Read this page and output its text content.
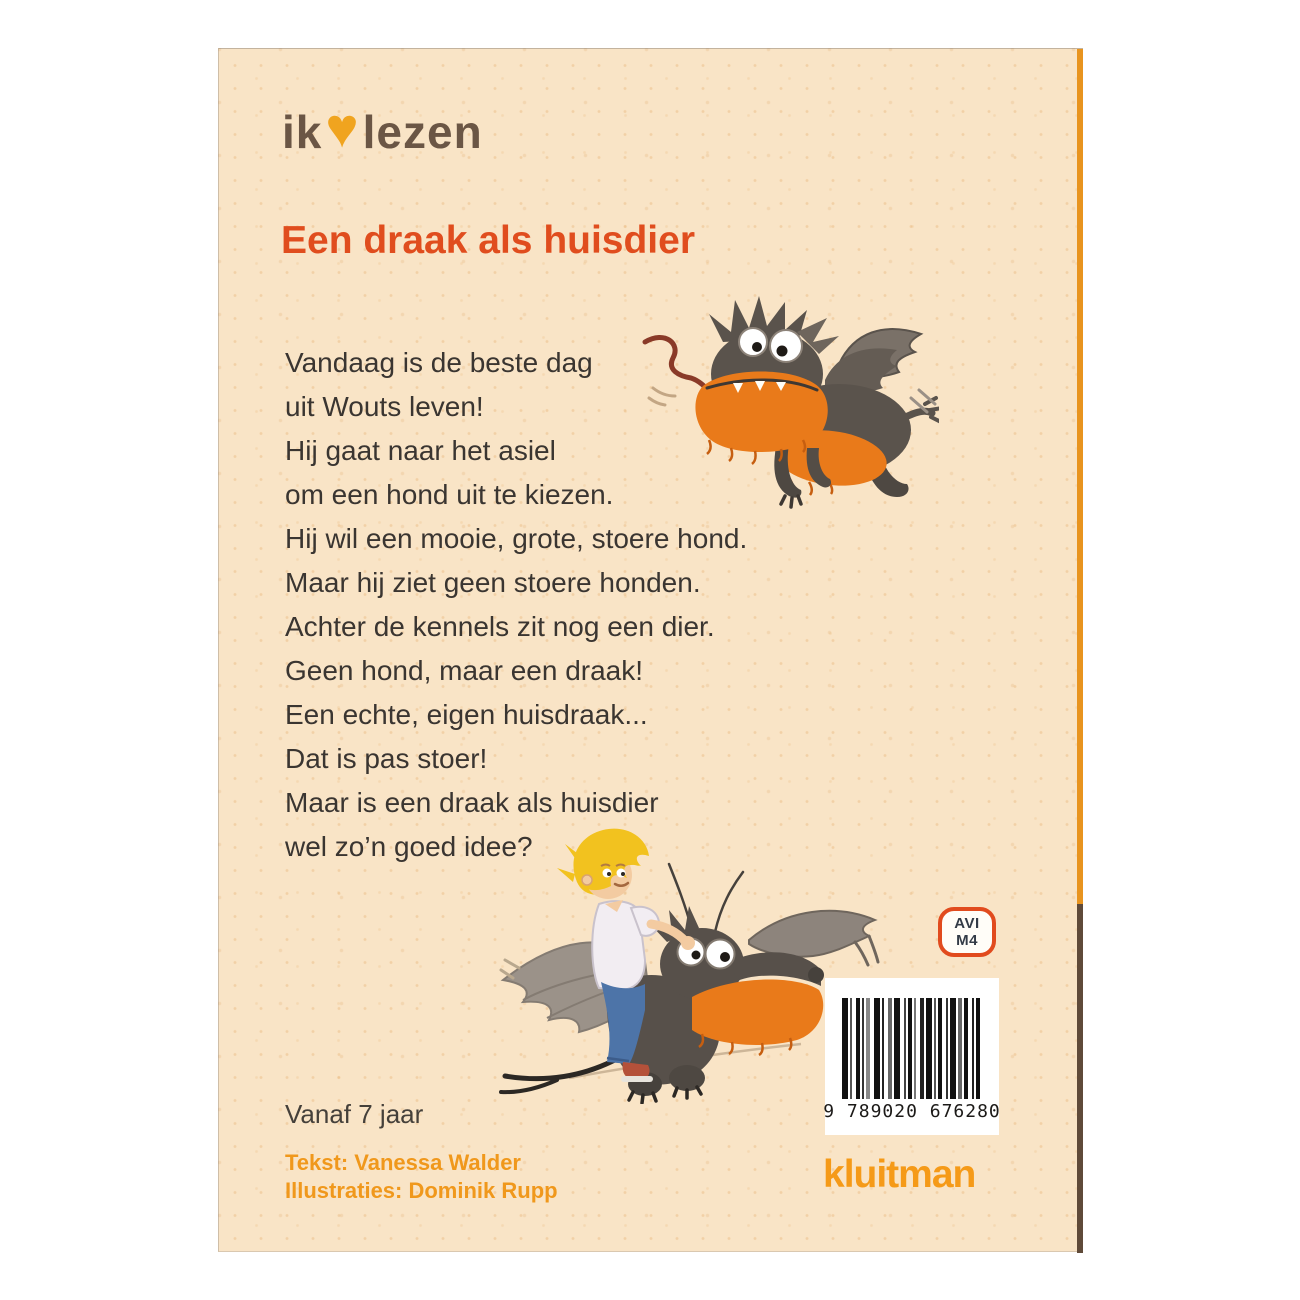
ik ♥ lezen
Een draak als huisdier
Vandaag is de beste dag
uit Wouts leven!
Hij gaat naar het asiel
om een hond uit te kiezen.
Hij wil een mooie, grote, stoere hond.
Maar hij ziet geen stoere honden.
Achter de kennels zit nog een dier.
Geen hond, maar een draak!
Een echte, eigen huisdraak...
Dat is pas stoer!
Maar is een draak als huisdier
wel zo’n goed idee?
Vanaf 7 jaar
Tekst: Vanessa Walder
Illustraties: Dominik Rupp
AVI
M4
9 789020 676280
kluitman
